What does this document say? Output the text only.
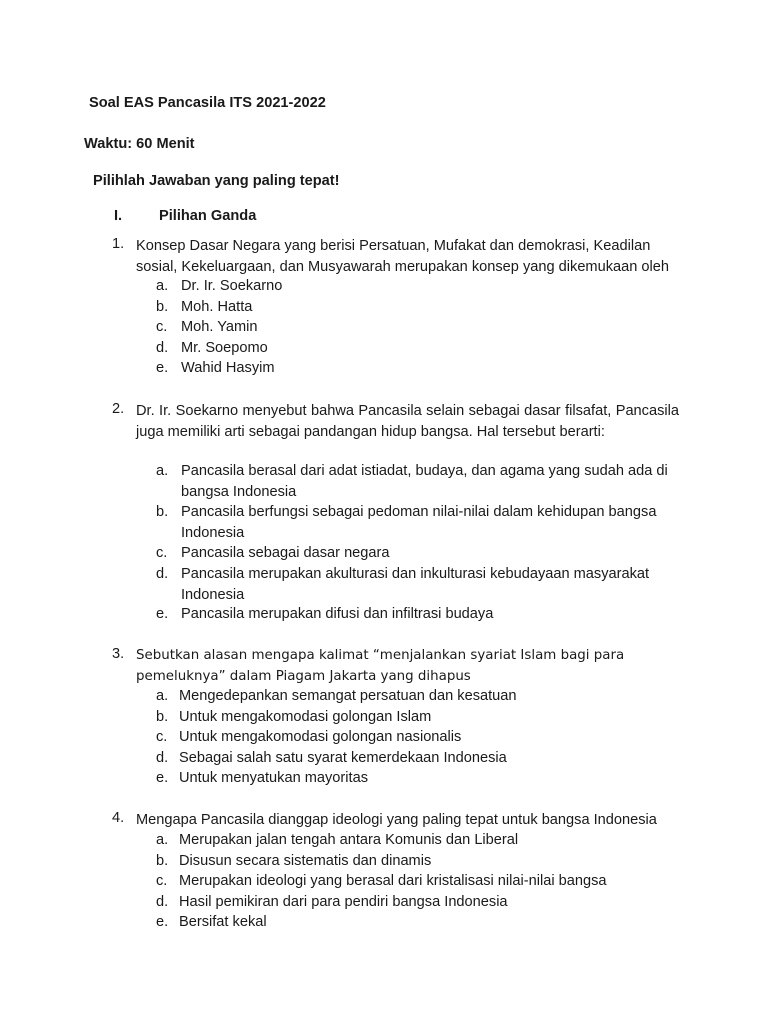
Soal EAS Pancasila ITS 2021-2022
Waktu: 60 Menit
Pilihlah Jawaban yang paling tepat!
I.	Pilihan Ganda
1. Konsep Dasar Negara yang berisi Persatuan, Mufakat dan demokrasi, Keadilan sosial, Kekeluargaan, dan Musyawarah merupakan konsep yang dikemukaan oleh
a. Dr. Ir. Soekarno
b. Moh. Hatta
c. Moh. Yamin
d. Mr. Soepomo
e. Wahid Hasyim
2. Dr. Ir. Soekarno menyebut bahwa Pancasila selain sebagai dasar filsafat, Pancasila juga memiliki arti sebagai pandangan hidup bangsa. Hal tersebut berarti:
a. Pancasila berasal dari adat istiadat, budaya, dan agama yang sudah ada di bangsa Indonesia
b. Pancasila berfungsi sebagai pedoman nilai-nilai dalam kehidupan bangsa Indonesia
c. Pancasila sebagai dasar negara
d. Pancasila merupakan akulturasi dan inkulturasi kebudayaan masyarakat Indonesia
e. Pancasila merupakan difusi dan infiltrasi budaya
3. Sebutkan alasan mengapa kalimat “menjalankan syariat Islam bagi para pemeluknya” dalam Piagam Jakarta yang dihapus
a. Mengedepankan semangat persatuan dan kesatuan
b. Untuk mengakomodasi golongan Islam
c. Untuk mengakomodasi golongan nasionalis
d. Sebagai salah satu syarat kemerdekaan Indonesia
e. Untuk menyatukan mayoritas
4. Mengapa Pancasila dianggap ideologi yang paling tepat untuk bangsa Indonesia
a. Merupakan jalan tengah antara Komunis dan Liberal
b. Disusun secara sistematis dan dinamis
c. Merupakan ideologi yang berasal dari kristalisasi nilai-nilai bangsa
d. Hasil pemikiran dari para pendiri bangsa Indonesia
e. Bersifat kekal
